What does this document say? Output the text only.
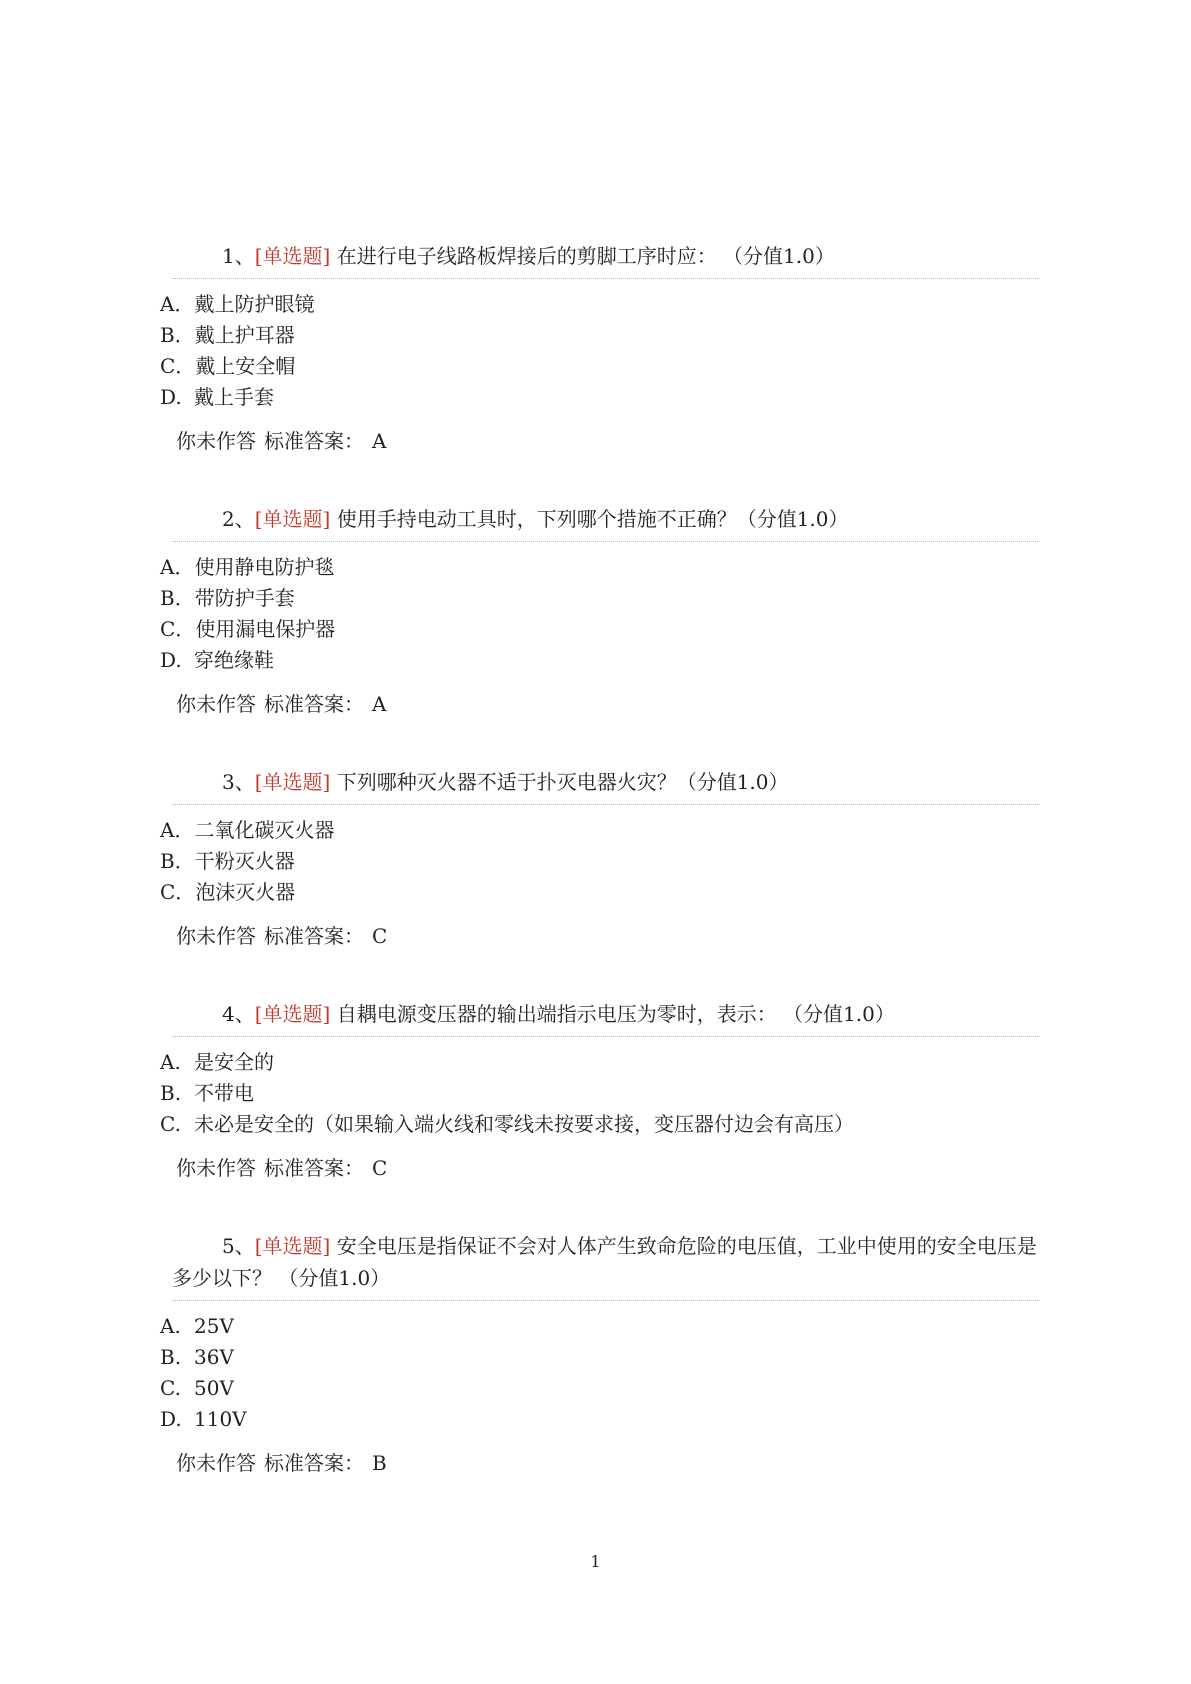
1、[单选题] 在进行电子线路板焊接后的剪脚工序时应： （分值1.0）
A．戴上防护眼镜
B．戴上护耳器
C．戴上安全帽
D. 戴上手套
你未作答 标准答案： A
2、[单选题] 使用手持电动工具时，下列哪个措施不正确？（分值1.0）
A．使用静电防护毯
B．带防护手套
C．使用漏电保护器
D. 穿绝缘鞋
你未作答 标准答案： A
3、[单选题] 下列哪种灭火器不适于扑灭电器火灾？（分值1.0）
A．二氧化碳灭火器
B．干粉灭火器
C．泡沫灭火器
你未作答 标准答案： C
4、[单选题] 自耦电源变压器的输出端指示电压为零时，表示： （分值1.0）
A. 是安全的
B. 不带电
C. 未必是安全的（如果输入端火线和零线未按要求接，变压器付边会有高压）
你未作答 标准答案： C
5、[单选题] 安全电压是指保证不会对人体产生致命危险的电压值，工业中使用的安全电压是多少以下？ （分值1.0）
A. 25V
B. 36V
C. 50V
D. 110V
你未作答 标准答案： B
1
